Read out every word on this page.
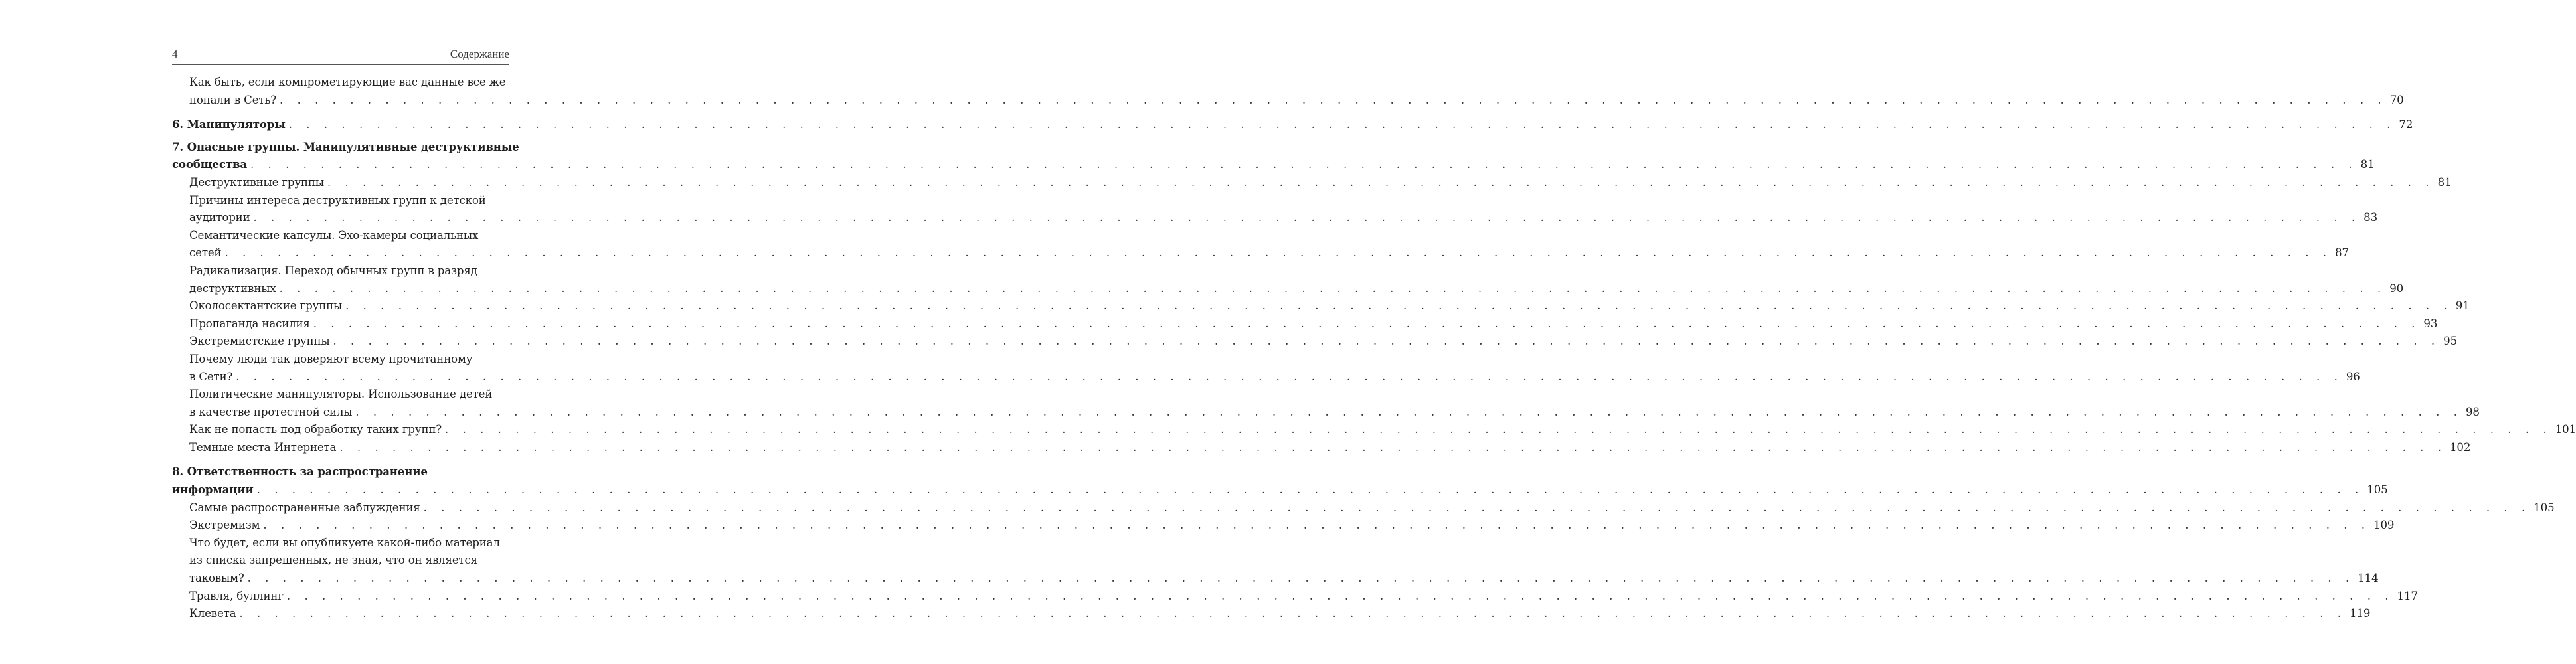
4	Содержание
Как быть, если компрометирующие вас данные все же
попали в Сеть? . . . . . . . . . . . . . . . . . . . . . . . . . . . . . . . . . . . . . . . . . . . . . . . . . . . . . . . . . . . . . . . . . . . . . . . . . . . . . . . . . . . . . . . . . . . . . . . . . . . . . . . . . . . . . . . . . . . . . . . . 70
6. Манипуляторы . . . . . . . . . . . . . . . . . . . . . . . . . . . . . . . . . . . . . . . . . . . . . . . . . . . . . . . . . . . . . . . . . . . . . . . . . . . . . . . . . . . . . . . . . . . . . . . . . . . . . . . . . . . . . . . . . . . . . . . . 72
7. Опасные группы. Манипулятивные деструктивные
сообщества . . . . . . . . . . . . . . . . . . . . . . . . . . . . . . . . . . . . . . . . . . . . . . . . . . . . . . . . . . . . . . . . . . . . . . . . . . . . . . . . . . . . . . . . . . . . . . . . . . . . . . . . . . . . . . . . . . . . . . . . 81
Деструктивные группы . . . . . . . . . . . . . . . . . . . . . . . . . . . . . . . . . . . . . . . . . . . . . . . . . . . . . . . . . . . . . . . . . . . . . . . . . . . . . . . . . . . . . . . . . . . . . . . . . . . . . . . . . . . . . . . . . . . . . . . . 81
Причины интереса деструктивных групп к детской
аудитории . . . . . . . . . . . . . . . . . . . . . . . . . . . . . . . . . . . . . . . . . . . . . . . . . . . . . . . . . . . . . . . . . . . . . . . . . . . . . . . . . . . . . . . . . . . . . . . . . . . . . . . . . . . . . . . . . . . . . . . . 83
Семантические капсулы. Эхо-камеры социальных
сетей . . . . . . . . . . . . . . . . . . . . . . . . . . . . . . . . . . . . . . . . . . . . . . . . . . . . . . . . . . . . . . . . . . . . . . . . . . . . . . . . . . . . . . . . . . . . . . . . . . . . . . . . . . . . . . . . . . . . . . . . 87
Радикализация. Переход обычных групп в разряд
деструктивных . . . . . . . . . . . . . . . . . . . . . . . . . . . . . . . . . . . . . . . . . . . . . . . . . . . . . . . . . . . . . . . . . . . . . . . . . . . . . . . . . . . . . . . . . . . . . . . . . . . . . . . . . . . . . . . . . . . . . . . . 90
Околосектантские группы . . . . . . . . . . . . . . . . . . . . . . . . . . . . . . . . . . . . . . . . . . . . . . . . . . . . . . . . . . . . . . . . . . . . . . . . . . . . . . . . . . . . . . . . . . . . . . . . . . . . . . . . . . . . . . . . . . . . . . . . 91
Пропаганда насилия . . . . . . . . . . . . . . . . . . . . . . . . . . . . . . . . . . . . . . . . . . . . . . . . . . . . . . . . . . . . . . . . . . . . . . . . . . . . . . . . . . . . . . . . . . . . . . . . . . . . . . . . . . . . . . . . . . . . . . . . 93
Экстремистские группы . . . . . . . . . . . . . . . . . . . . . . . . . . . . . . . . . . . . . . . . . . . . . . . . . . . . . . . . . . . . . . . . . . . . . . . . . . . . . . . . . . . . . . . . . . . . . . . . . . . . . . . . . . . . . . . . . . . . . . . . 95
Почему люди так доверяют всему прочитанному
в Сети? . . . . . . . . . . . . . . . . . . . . . . . . . . . . . . . . . . . . . . . . . . . . . . . . . . . . . . . . . . . . . . . . . . . . . . . . . . . . . . . . . . . . . . . . . . . . . . . . . . . . . . . . . . . . . . . . . . . . . . . . 96
Политические манипуляторы. Использование детей
в качестве протестной силы . . . . . . . . . . . . . . . . . . . . . . . . . . . . . . . . . . . . . . . . . . . . . . . . . . . . . . . . . . . . . . . . . . . . . . . . . . . . . . . . . . . . . . . . . . . . . . . . . . . . . . . . . . . . . . . . . . . . . . . . 98
Как не попасть под обработку таких групп? . . . . . . . . . . . . . . . . . . . . . . . . . . . . . . . . . . . . . . . . . . . . . . . . . . . . . . . . . . . . . . . . . . . . . . . . . . . . . . . . . . . . . . . . . . . . . . . . . . . . . . . . . . . . . . . . . . . . . . . . 101
Темные места Интернета . . . . . . . . . . . . . . . . . . . . . . . . . . . . . . . . . . . . . . . . . . . . . . . . . . . . . . . . . . . . . . . . . . . . . . . . . . . . . . . . . . . . . . . . . . . . . . . . . . . . . . . . . . . . . . . . . . . . . . . . 102
8. Ответственность за распространение
информации . . . . . . . . . . . . . . . . . . . . . . . . . . . . . . . . . . . . . . . . . . . . . . . . . . . . . . . . . . . . . . . . . . . . . . . . . . . . . . . . . . . . . . . . . . . . . . . . . . . . . . . . . . . . . . . . . . . . . . . . 105
Самые распространенные заблуждения . . . . . . . . . . . . . . . . . . . . . . . . . . . . . . . . . . . . . . . . . . . . . . . . . . . . . . . . . . . . . . . . . . . . . . . . . . . . . . . . . . . . . . . . . . . . . . . . . . . . . . . . . . . . . . . . . . . . . . . . 105
Экстремизм . . . . . . . . . . . . . . . . . . . . . . . . . . . . . . . . . . . . . . . . . . . . . . . . . . . . . . . . . . . . . . . . . . . . . . . . . . . . . . . . . . . . . . . . . . . . . . . . . . . . . . . . . . . . . . . . . . . . . . . . 109
Что будет, если вы опубликуете какой-либо материал
из списка запрещенных, не зная, что он является
таковым? . . . . . . . . . . . . . . . . . . . . . . . . . . . . . . . . . . . . . . . . . . . . . . . . . . . . . . . . . . . . . . . . . . . . . . . . . . . . . . . . . . . . . . . . . . . . . . . . . . . . . . . . . . . . . . . . . . . . . . . . 114
Травля, буллинг . . . . . . . . . . . . . . . . . . . . . . . . . . . . . . . . . . . . . . . . . . . . . . . . . . . . . . . . . . . . . . . . . . . . . . . . . . . . . . . . . . . . . . . . . . . . . . . . . . . . . . . . . . . . . . . . . . . . . . . . 117
Клевета . . . . . . . . . . . . . . . . . . . . . . . . . . . . . . . . . . . . . . . . . . . . . . . . . . . . . . . . . . . . . . . . . . . . . . . . . . . . . . . . . . . . . . . . . . . . . . . . . . . . . . . . . . . . . . . . . . . . . . . . 119
